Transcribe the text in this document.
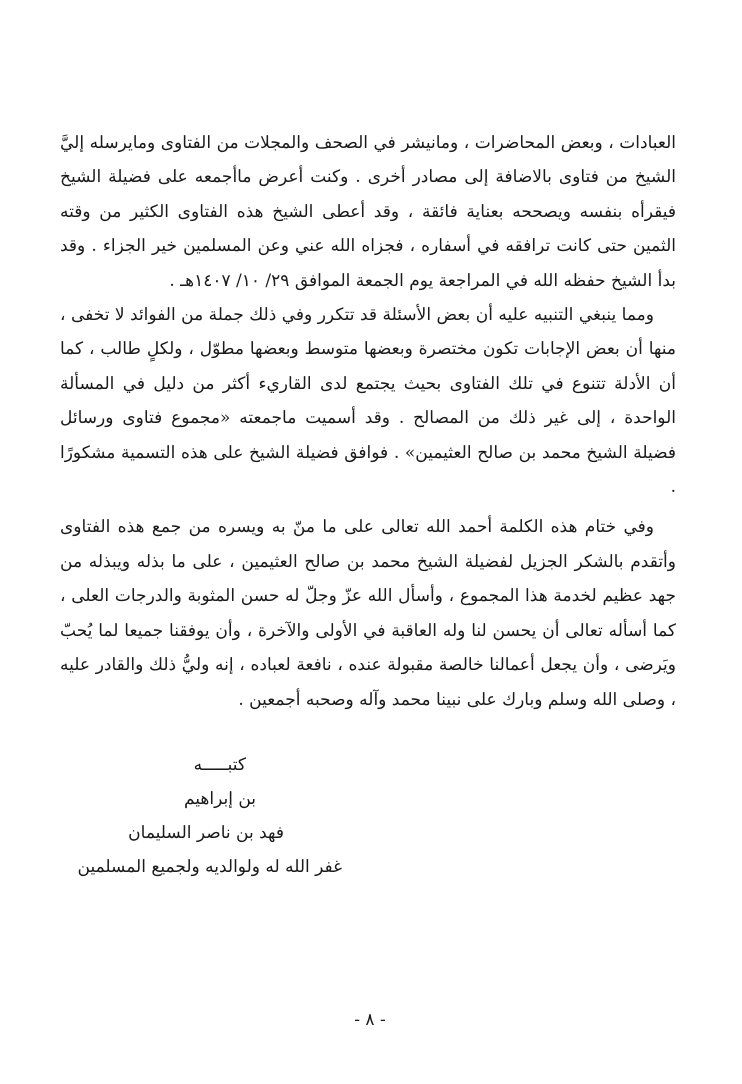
العبادات ، وبعض المحاضرات ، ومانيشر في الصحف والمجلات من الفتاوى ومايرسله إليَّ الشيخ من فتاوى بالاضافة إلى مصادر أخرى . وكنت أعرض ماأجمعه على فضيلة الشيخ فيقرأه بنفسه ويصححه بعناية فائقة ، وقد أعطى الشيخ هذه الفتاوى الكثير من وقته الثمين حتى كانت ترافقه في أسفاره ، فجزاه الله عني وعن المسلمين خير الجزاء . وقد بدأ الشيخ حفظه الله في المراجعة يوم الجمعة الموافق ٢٩/ ١٠/ ١٤٠٧هـ .

ومما ينبغي التنبيه عليه أن بعض الأسئلة قد تتكرر وفي ذلك جملة من الفوائد لا تخفى ، منها أن بعض الإجابات تكون مختصرة وبعضها متوسط وبعضها مطوّل ، ولكلٍ طالب ، كما أن الأدلة تتنوع في تلك الفتاوى بحيث يجتمع لدى القاريء أكثر من دليل في المسألة الواحدة ، إلى غير ذلك من المصالح . وقد أسميت ماجمعته «مجموع فتاوى ورسائل فضيلة الشيخ محمد بن صالح العثيمين» . فوافق فضيلة الشيخ على هذه التسمية مشكورًا .

وفي ختام هذه الكلمة أحمد الله تعالى على ما منّ به ويسره من جمع هذه الفتاوى وأتقدم بالشكر الجزيل لفضيلة الشيخ محمد بن صالح العثيمين ، على ما بذله ويبذله من جهد عظيم لخدمة هذا المجموع ، وأسأل الله عزّ وجلّ له حسن المثوبة والدرجات العلى ، كما أسأله تعالى أن يحسن لنا وله العاقبة في الأولى والآخرة ، وأن يوفقنا جميعا لما يُحبّ ويَرضى ، وأن يجعل أعمالنا خالصة مقبولة عنده ، نافعة لعباده ، إنه وليُّ ذلك والقادر عليه ، وصلى الله وسلم وبارك على نبينا محمد وآله وصحبه أجمعين .

كتبـــــه
بن إبراهيم
فهد بن ناصر السليمان
غفر الله له ولوالديه ولجميع المسلمين
- ٨ -
